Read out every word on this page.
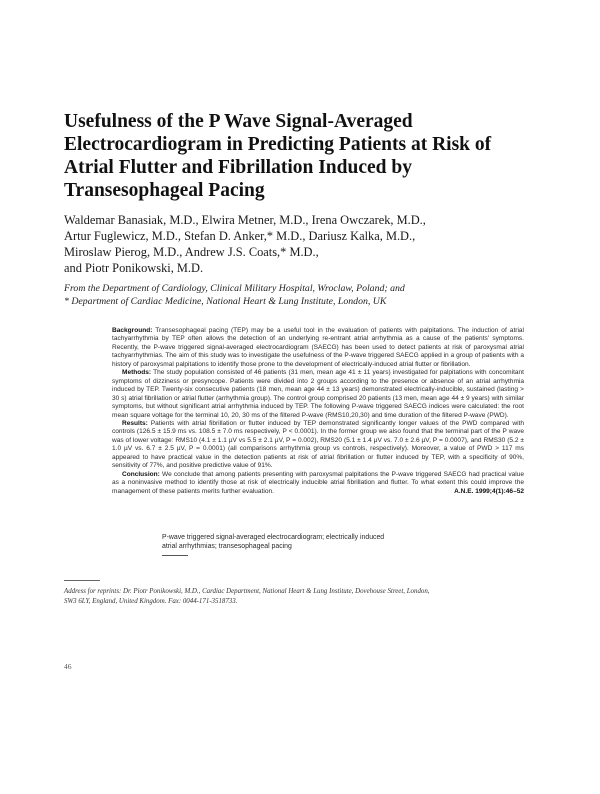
Usefulness of the P Wave Signal-Averaged Electrocardiogram in Predicting Patients at Risk of Atrial Flutter and Fibrillation Induced by Transesophageal Pacing
Waldemar Banasiak, M.D., Elwira Metner, M.D., Irena Owczarek, M.D.,
Artur Fuglewicz, M.D., Stefan D. Anker,* M.D., Dariusz Kalka, M.D.,
Miroslaw Pierog, M.D., Andrew J.S. Coats,* M.D.,
and Piotr Ponikowski, M.D.
From the Department of Cardiology, Clinical Military Hospital, Wroclaw, Poland; and
* Department of Cardiac Medicine, National Heart & Lung Institute, London, UK

Background: Transesophageal pacing (TEP) may be a useful tool in the evaluation of patients with palpitations. The induction of atrial tachyarrhythmia by TEP often allows the detection of an underlying re-entrant atrial arrhythmia as a cause of the patients' symptoms. Recently, the P-wave triggered signal-averaged electrocardiogram (SAECG) has been used to detect patients at risk of paroxysmal atrial tachyarrhythmias. The aim of this study was to investigate the usefulness of the P-wave triggered SAECG applied in a group of patients with a history of paroxysmal palpitations to identify those prone to the development of electrically-induced atrial flutter or fibrillation.

Methods: The study population consisted of 46 patients (31 men, mean age 41 ± 11 years) investigated for palpitations with concomitant symptoms of dizziness or presyncope. Patients were divided into 2 groups according to the presence or absence of an atrial arrhythmia induced by TEP. Twenty-six consecutive patients (18 men, mean age 44 ± 13 years) demonstrated electrically-inducible, sustained (lasting > 30 s) atrial fibrillation or atrial flutter (arrhythmia group). The control group comprised 20 patients (13 men, mean age 44 ± 9 years) with similar symptoms, but without significant atrial arrhythmia induced by TEP. The following P-wave triggered SAECG indices were calculated: the root mean square voltage for the terminal 10, 20, 30 ms of the filtered P-wave (RMS10,20,30) and time duration of the filtered P-wave (PWD).

Results: Patients with atrial fibrillation or flutter induced by TEP demonstrated significantly longer values of the PWD compared with controls (126.5 ± 15.9 ms vs. 108.5 ± 7.0 ms respectively, P < 0.0001). In the former group we also found that the terminal part of the P wave was of lower voltage: RMS10 (4.1 ± 1.1 µV vs 5.5 ± 2.1 µV, P = 0.002), RMS20 (5.1 ± 1.4 µV vs. 7.0 ± 2.6 µV, P = 0.0007), and RMS30 (5.2 ± 1.0 µV vs. 6.7 ± 2.5 µV, P = 0.0001) (all comparisons arrhythmia group vs controls, respectively). Moreover, a value of PWD > 117 ms appeared to have practical value in the detection patients at risk of atrial fibrillation or flutter induced by TEP, with a specificity of 90%, sensitivity of 77%, and positive predictive value of 91%.

Conclusion: We conclude that among patients presenting with paroxysmal palpitations the P-wave triggered SAECG had practical value as a noninvasive method to identify those at risk of electrically inducible atrial fibrillation and flutter. To what extent this could improve the management of these patients merits further evaluation.	A.N.E. 1999;4(1):46–52

P-wave triggered signal-averaged electrocardiogram; electrically induced
atrial arrhythmias; transesophageal pacing
Address for reprints: Dr. Piotr Ponikowski, M.D., Cardiac Department, National Heart & Lung Institute, Dovehouse Street, London,
SW3 6LY, England, United Kingdom. Fax: 0044-171-3518733.
46
